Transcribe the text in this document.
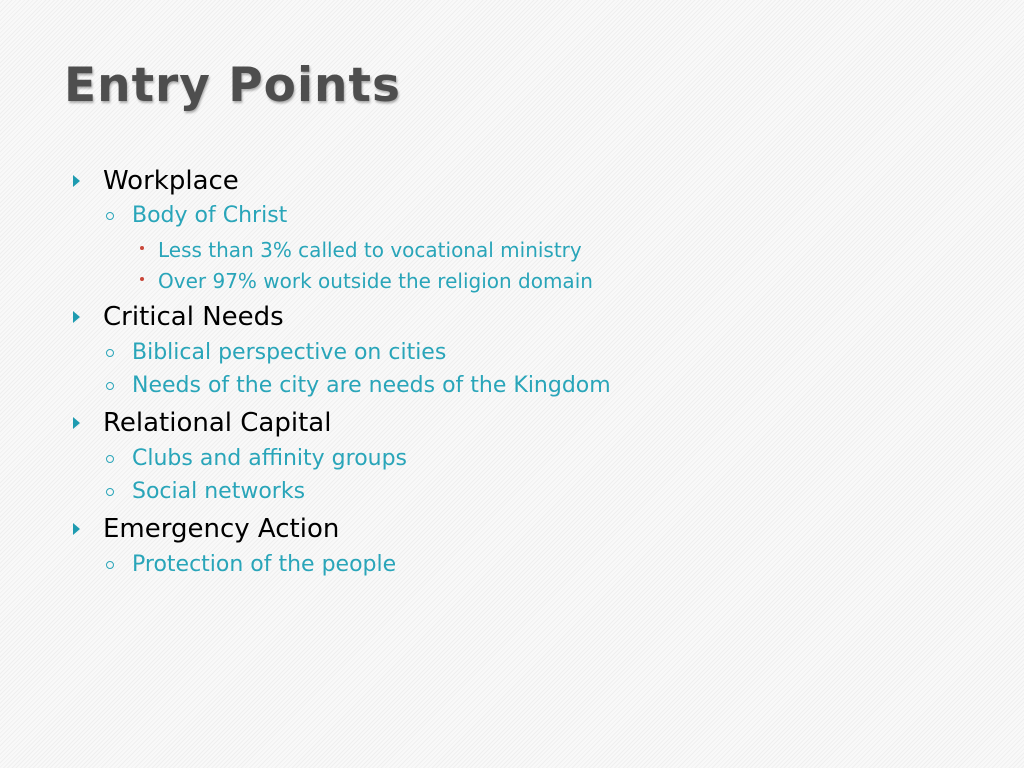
Entry Points
Workplace
Body of Christ
Less than 3% called to vocational ministry
Over 97% work outside the religion domain
Critical Needs
Biblical perspective on cities
Needs of the city are needs of the Kingdom
Relational Capital
Clubs and affinity groups
Social networks
Emergency Action
Protection of the people
